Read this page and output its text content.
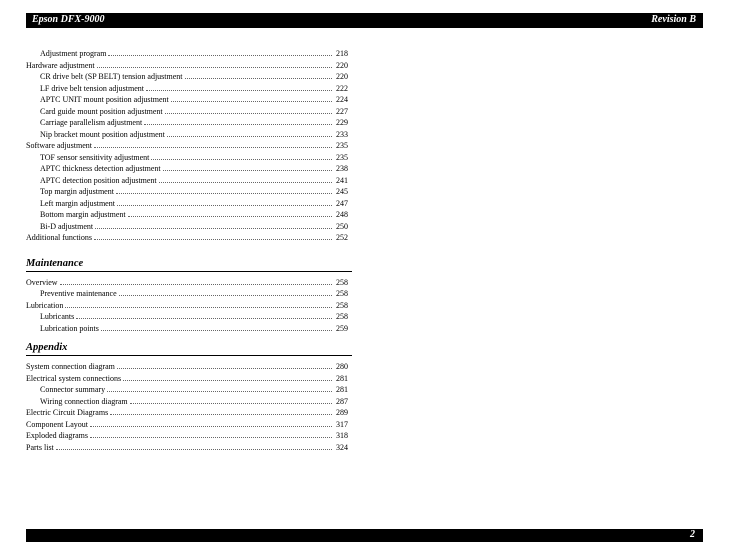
Epson DFX-9000	Revision B
Adjustment program	218
Hardware adjustment	220
CR drive belt (SP BELT) tension adjustment	220
LF drive belt tension adjustment	222
APTC UNIT mount position adjustment	224
Card guide mount position adjustment	227
Carriage parallelism adjustment	229
Nip bracket mount position adjustment	233
Software adjustment	235
TOF sensor sensitivity adjustment	235
APTC thickness detection adjustment	238
APTC detection position adjustment	241
Top margin adjustment	245
Left margin adjustment	247
Bottom margin adjustment	248
Bi-D adjustment	250
Additional functions	252
Maintenance
Overview	258
Preventive maintenance	258
Lubrication	258
Lubricants	258
Lubrication points	259
Appendix
System connection diagram	280
Electrical system connections	281
Connector summary	281
Wiring connection diagram	287
Electric Circuit Diagrams	289
Component Layout	317
Exploded diagrams	318
Parts list	324
2
